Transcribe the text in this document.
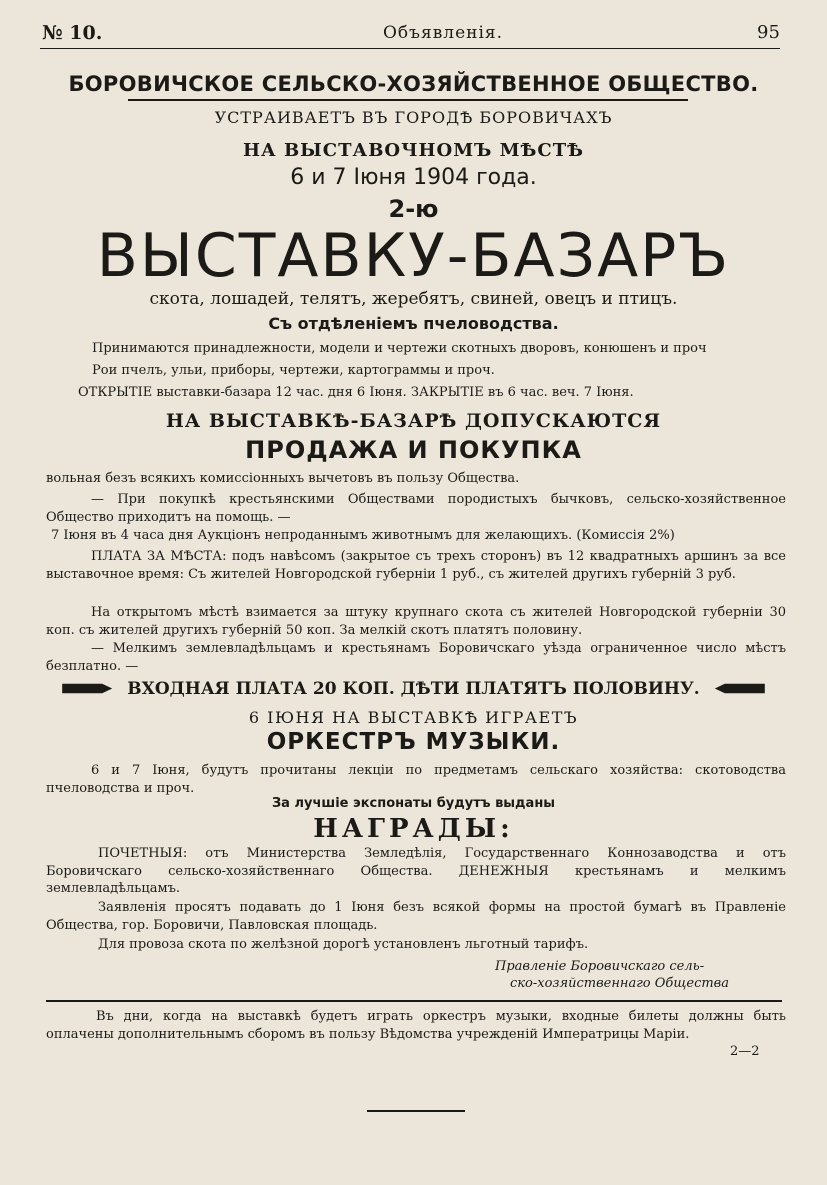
№ 10.	Объявленія.	95
БОРОВИЧСКОЕ СЕЛЬСКО-ХОЗЯЙСТВЕННОЕ ОБЩЕСТВО.
УСТРАИВАЕТЪ ВЪ ГОРОДѢ БОРОВИЧАХЪ
НА ВЫСТАВОЧНОМЪ МѢСТѢ
6 и 7 Іюня 1904 года.
2-ю
ВЫСТАВКУ-БАЗАРЪ
скота, лошадей, телятъ, жеребятъ, свиней, овецъ и птицъ.
Съ отдѣленіемъ пчеловодства.
Принимаются принадлежности, модели и чертежи скотныхъ дворовъ, конюшенъ и проч
Рои пчелъ, ульи, приборы, чертежи, картограммы и проч.
ОТКРЫТІЕ выставки-базара 12 час. дня 6 Іюня. ЗАКРЫТІЕ въ 6 час. веч. 7 Іюня.
НА ВЫСТАВКѢ-БАЗАРѢ ДОПУСКАЮТСЯ
ПРОДАЖА И ПОКУПКА
вольная безъ всякихъ комиссіонныхъ вычетовъ въ пользу Общества.
— При покупкѣ крестьянскими Обществами породистыхъ бычковъ, сельско-хозяйственное Общество приходитъ на помощь. —
7 Іюня въ 4 часа дня Аукціонъ непроданнымъ животнымъ для желающихъ. (Комиссія 2%)
ПЛАТА ЗА МѢСТА: подъ навѣсомъ (закрытое съ трехъ сторонъ) въ 12 квадратныхъ аршинъ за все выставочное время: Съ жителей Новгородской губерніи 1 руб., съ жителей другихъ губерній 3 руб.
На открытомъ мѣстѣ взимается за штуку крупнаго скота съ жителей Новгородской губерніи 30 коп. съ жителей другихъ губерній 50 коп. За мелкій скотъ платятъ половину.
— Мелкимъ землевладѣльцамъ и крестьянамъ Боровичскаго уѣзда ограниченное число мѣстъ безплатно. —
ВХОДНАЯ ПЛАТА 20 КОП. ДѢТИ ПЛАТЯТЪ ПОЛОВИНУ.
6 ІЮНЯ НА ВЫСТАВКѢ ИГРАЕТЪ
ОРКЕСТРЪ МУЗЫКИ.
6 и 7 Іюня, будутъ прочитаны лекціи по предметамъ сельскаго хозяйства: скотоводства пчеловодства и проч.
За лучшіе экспонаты будутъ выданы
НАГРАДЫ:
ПОЧЕТНЫЯ: отъ Министерства Земледѣлія, Государственнаго Коннозаводства и отъ Боровичскаго сельско-хозяйственнаго Общества. ДЕНЕЖНЫЯ крестьянамъ и мелкимъ землевладѣльцамъ.
Заявленія просятъ подавать до 1 Іюня безъ всякой формы на простой бумагѣ въ Правленіе Общества, гор. Боровичи, Павловская площадь.
Для провоза скота по желѣзной дорогѣ установленъ льготный тарифъ.
Правленіе Боровичскаго сель-
ско-хозяйственнаго Общества
Въ дни, когда на выставкѣ будетъ играть оркестръ музыки, входные билеты должны быть оплачены дополнительнымъ сборомъ въ пользу Вѣдомства учрежденій Императрицы Маріи.
2—2
